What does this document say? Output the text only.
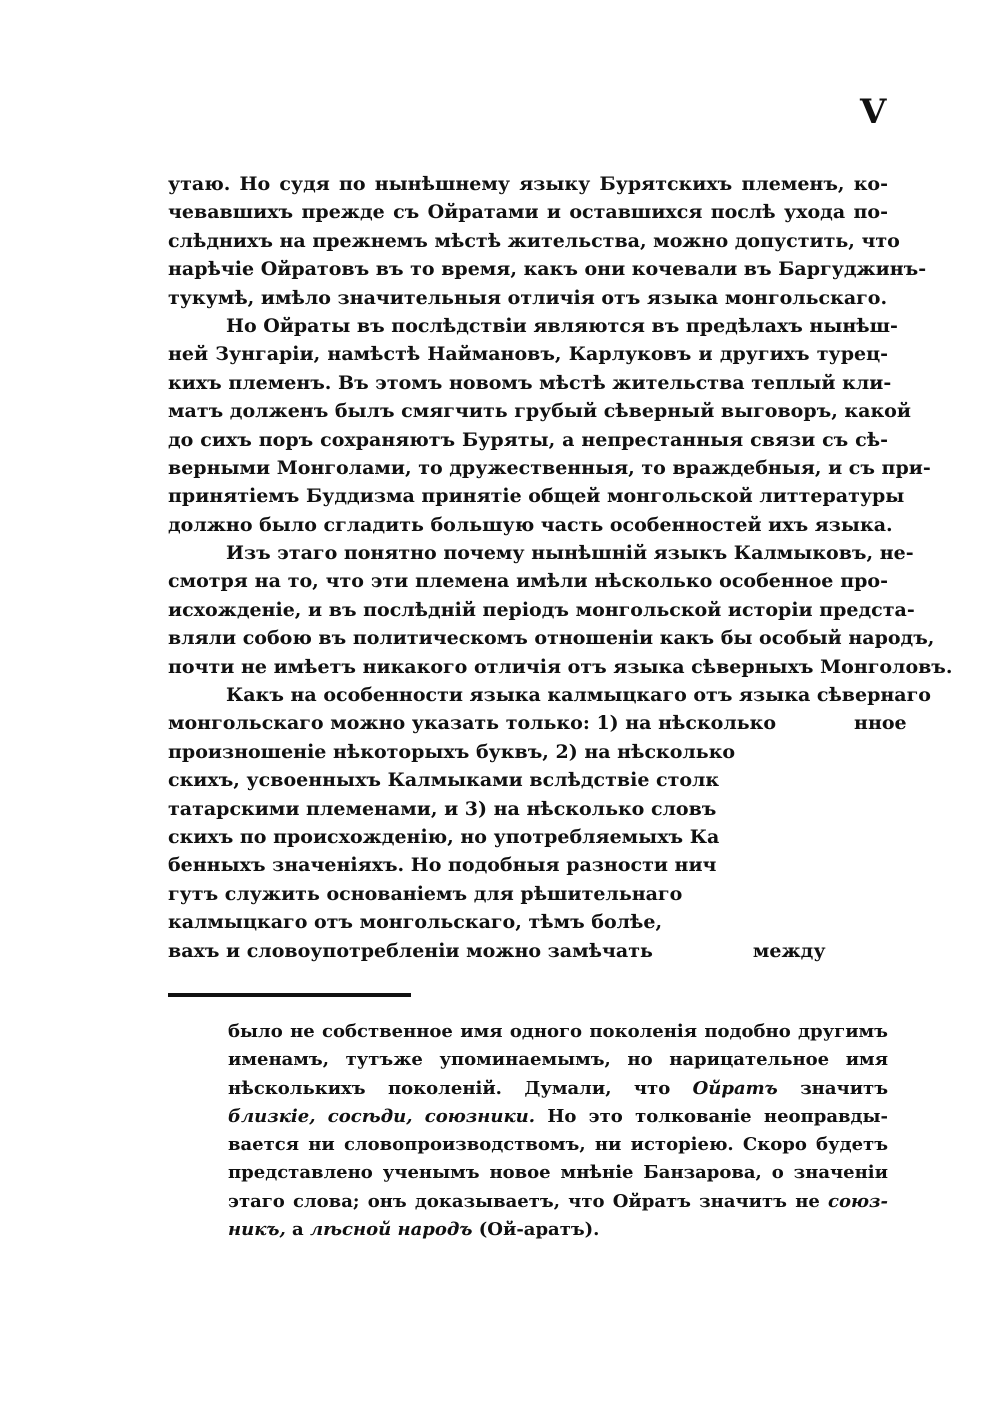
V
утаю. Но судя по нынѣшнему языку Бурятскихъ племенъ, ко-
чевавшихъ прежде съ Ойратами и оставшихся послѣ ухода по-
слѣднихъ на прежнемъ мѣстѣ жительства, можно допустить, что
нарѣчіе Ойратовъ въ то время, какъ они кочевали въ Баргуджинъ-
тукумѣ, имѣло значительныя отличія отъ языка монгольскаго.
Но Ойраты въ послѣдствіи являются въ предѣлахъ нынѣш-
ней Зунгаріи, намѣстѣ Наймановъ, Карлуковъ и другихъ турец-
кихъ племенъ. Въ этомъ новомъ мѣстѣ жительства теплый кли-
матъ долженъ былъ смягчить грубый сѣверный выговоръ, какой
до сихъ поръ сохраняютъ Буряты, а непрестанныя связи съ сѣ-
верными Монголами, то дружественныя, то враждебныя, и съ при-
принятіемъ Буддизма принятіе общей монгольской литтературы
должно было сгладить большую часть особенностей ихъ языка.
Изъ этаго понятно почему нынѣшній языкъ Калмыковъ, не-
смотря на то, что эти племена имѣли нѣсколько особенное про-
исхожденіе, и въ послѣдній періодъ монгольской исторіи предста-
вляли собою въ политическомъ отношеніи какъ бы особый народъ,
почти не имѣетъ никакого отличія отъ языка сѣверныхъ Монголовъ.
Какъ на особенности языка калмыцкаго отъ языка сѣвернаго
монгольскаго можно указать только: 1) на нѣсколько	нное
произношеніе нѣкоторыхъ буквъ, 2) на нѣсколько
скихъ, усвоенныхъ Калмыками вслѣдствіе столк
татарскими племенами, и 3) на нѣсколько словъ
скихъ по происхожденію, но употребляемыхъ Ка
бенныхъ значеніяхъ. Но подобныя разности нич
гутъ служить основаніемъ для рѣшительнаго
калмыцкаго отъ монгольскаго, тѣмъ болѣе,
вахъ и словоупотребленіи можно замѣчать	между
было не собственное имя одного поколенія подобно другимъ
именамъ, тутъже упоминаемымъ, но нарицательное имя
нѣсколькихъ поколеній. Думали, что Ойратъ значитъ
близкіе, сосѣди, союзники. Но это толкованіе неоправды-
вается ни словопроизводствомъ, ни исторіею. Скоро будетъ
представлено ученымъ новое мнѣніе Банзарова, о значеніи
этаго слова; онъ доказываетъ, что Ойратъ значитъ не союз-
никъ, а лѣсной народъ (Ой-аратъ).
